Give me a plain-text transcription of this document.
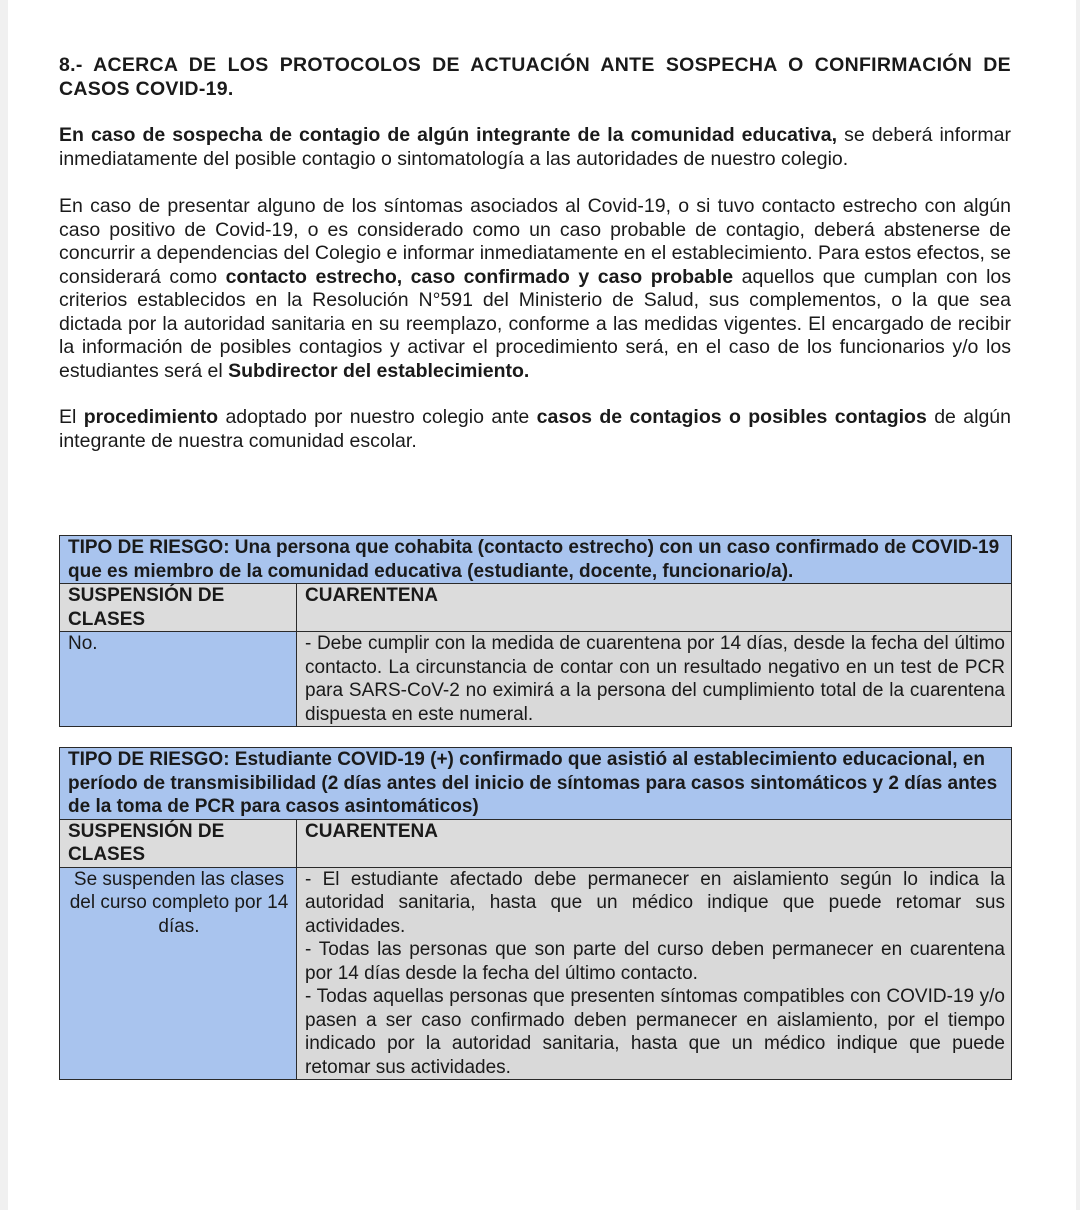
8.- ACERCA DE LOS PROTOCOLOS DE ACTUACIÓN ANTE SOSPECHA O CONFIRMACIÓN DE CASOS COVID-19.

En caso de sospecha de contagio de algún integrante de la comunidad educativa, se deberá informar inmediatamente del posible contagio o sintomatología a las autoridades de nuestro colegio.

En caso de presentar alguno de los síntomas asociados al Covid-19, o si tuvo contacto estrecho con algún caso positivo de Covid-19, o es considerado como un caso probable de contagio, deberá abstenerse de concurrir a dependencias del Colegio e informar inmediatamente en el establecimiento. Para estos efectos, se considerará como contacto estrecho, caso confirmado y caso probable aquellos que cumplan con los criterios establecidos en la Resolución N°591 del Ministerio de Salud, sus complementos, o la que sea dictada por la autoridad sanitaria en su reemplazo, conforme a las medidas vigentes. El encargado de recibir la información de posibles contagios y activar el procedimiento será, en el caso de los funcionarios y/o los estudiantes será el Subdirector del establecimiento.

El procedimiento adoptado por nuestro colegio ante casos de contagios o posibles contagios de algún integrante de nuestra comunidad escolar.

TIPO DE RIESGO: Una persona que cohabita (contacto estrecho) con un caso confirmado de COVID-19 que es miembro de la comunidad educativa (estudiante, docente, funcionario/a).	
SUSPENSIÓN DE CLASES	CUARENTENA
No.	- Debe cumplir con la medida de cuarentena por 14 días, desde la fecha del último contacto. La circunstancia de contar con un resultado negativo en un test de PCR para SARS-CoV-2 no eximirá a la persona del cumplimiento total de la cuarentena dispuesta en este numeral.
TIPO DE RIESGO: Estudiante COVID-19 (+) confirmado que asistió al establecimiento educacional, en período de transmisibilidad (2 días antes del inicio de síntomas para casos sintomáticos y 2 días antes de la toma de PCR para casos asintomáticos)	
SUSPENSIÓN DE CLASES	CUARENTENA
Se suspenden las clases del curso completo por 14 días.	- El estudiante afectado debe permanecer en aislamiento según lo indica la autoridad sanitaria, hasta que un médico indique que puede retomar sus actividades.
- Todas las personas que son parte del curso deben permanecer en cuarentena por 14 días desde la fecha del último contacto.
- Todas aquellas personas que presenten síntomas compatibles con COVID-19 y/o pasen a ser caso confirmado deben permanecer en aislamiento, por el tiempo indicado por la autoridad sanitaria, hasta que un médico indique que puede retomar sus actividades.
